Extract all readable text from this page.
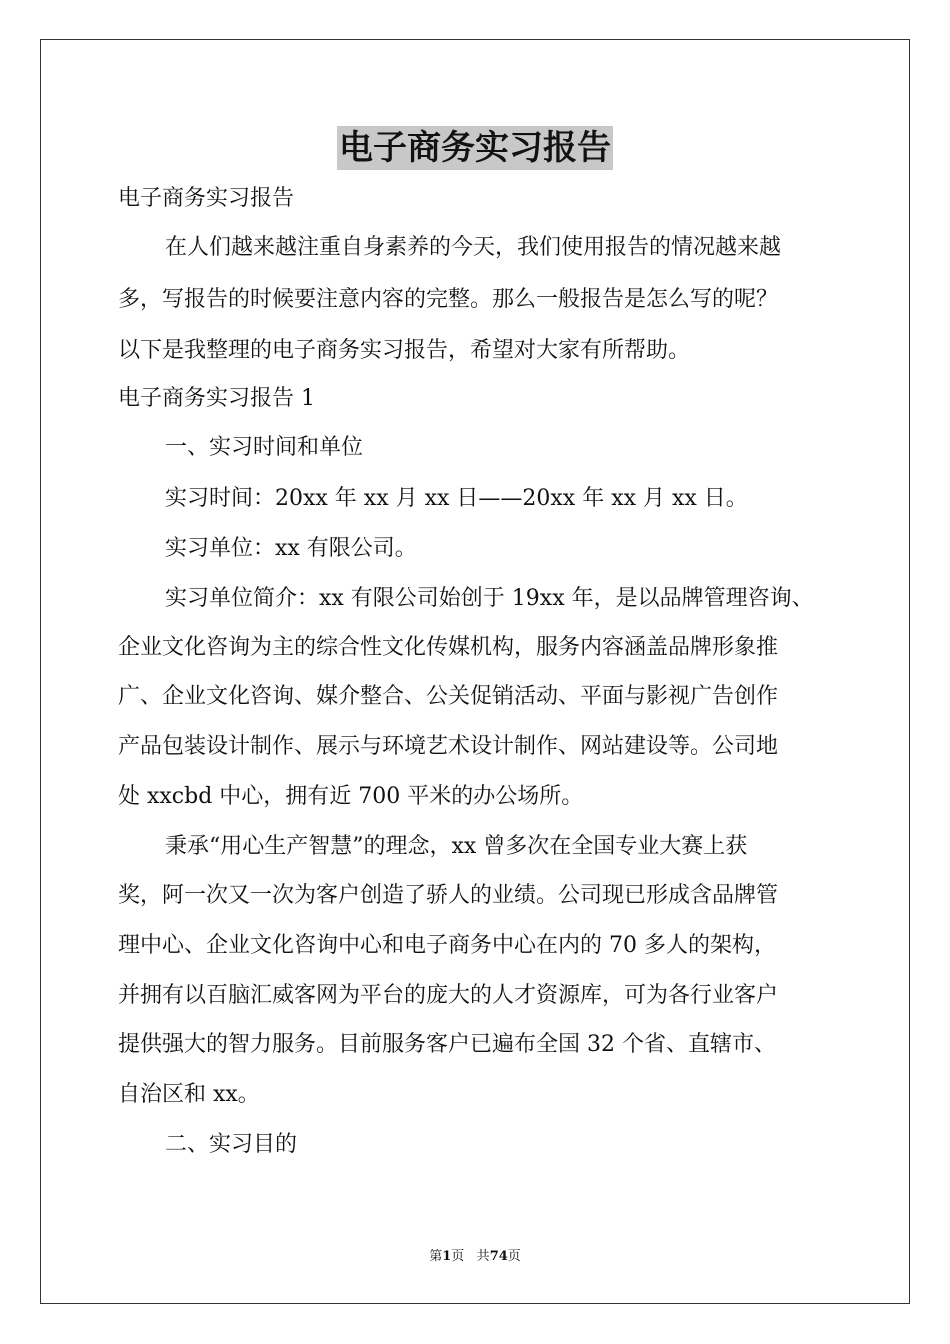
电子商务实习报告
电子商务实习报告
在人们越来越注重自身素养的今天，我们使用报告的情况越来越
多，写报告的时候要注意内容的完整。那么一般报告是怎么写的呢？
以下是我整理的电子商务实习报告，希望对大家有所帮助。
电子商务实习报告 1
一、实习时间和单位
实习时间：20xx 年 xx 月 xx 日——20xx 年 xx 月 xx 日。
实习单位：xx 有限公司。
实习单位简介：xx 有限公司始创于 19xx 年，是以品牌管理咨询、
企业文化咨询为主的综合性文化传媒机构，服务内容涵盖品牌形象推
广、企业文化咨询、媒介整合、公关促销活动、平面与影视广告创作
产品包装设计制作、展示与环境艺术设计制作、网站建设等。公司地
处 xxcbd 中心，拥有近 700 平米的办公场所。
秉承“用心生产智慧”的理念，xx 曾多次在全国专业大赛上获
奖，阿一次又一次为客户创造了骄人的业绩。公司现已形成含品牌管
理中心、企业文化咨询中心和电子商务中心在内的 70 多人的架构，
并拥有以百脑汇威客网为平台的庞大的人才资源库，可为各行业客户
提供强大的智力服务。目前服务客户已遍布全国 32 个省、直辖市、
自治区和 xx。
二、实习目的
第1页 共74页
